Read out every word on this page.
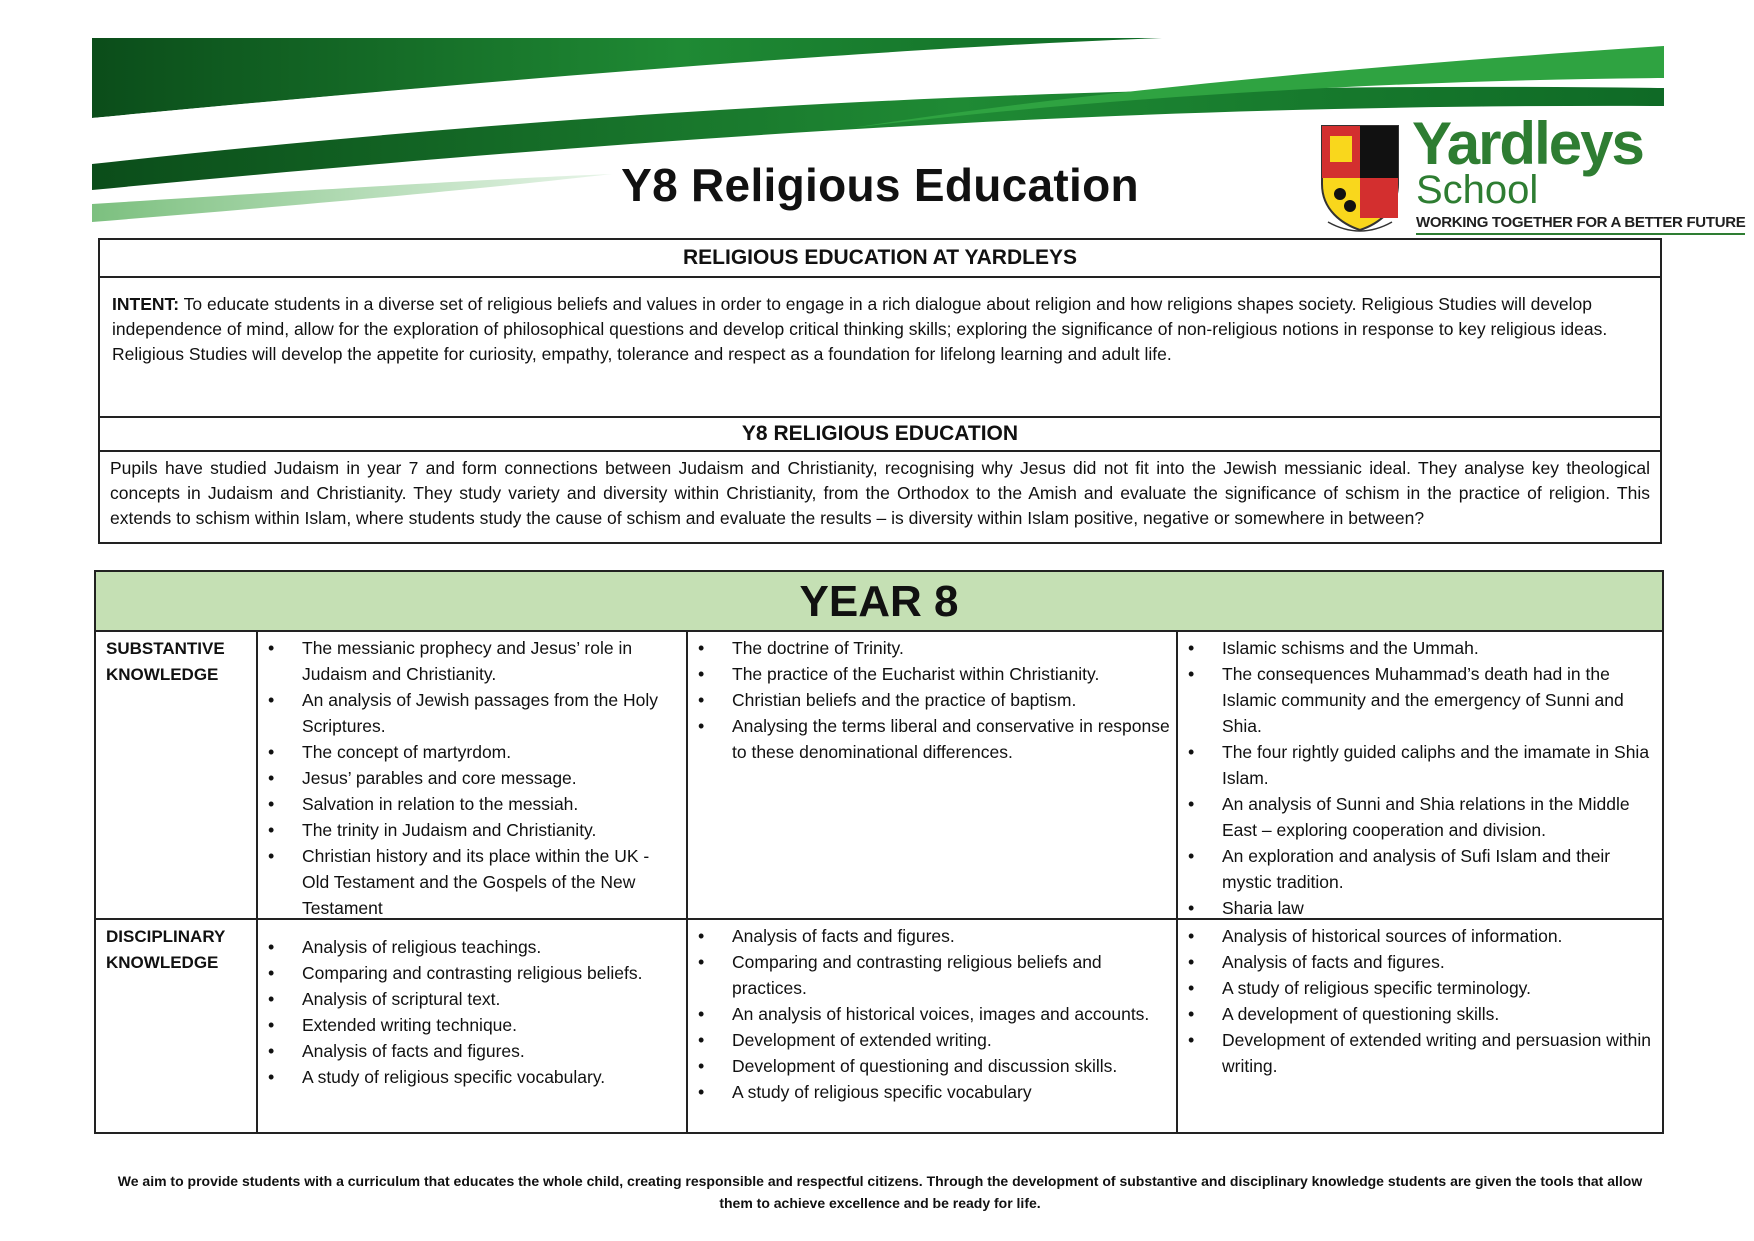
Y8 Religious Education
Yardleys
School
WORKING TOGETHER FOR A BETTER FUTURE
RELIGIOUS EDUCATION AT YARDLEYS
INTENT: To educate students in a diverse set of religious beliefs and values in order to engage in a rich dialogue about religion and how religions shapes society. Religious Studies will develop independence of mind, allow for the exploration of philosophical questions and develop critical thinking skills; exploring the significance of non-religious notions in response to key religious ideas. Religious Studies will develop the appetite for curiosity, empathy, tolerance and respect as a foundation for lifelong learning and adult life.
Y8 RELIGIOUS EDUCATION
Pupils have studied Judaism in year 7 and form connections between Judaism and Christianity, recognising why Jesus did not fit into the Jewish messianic ideal. They analyse key theological concepts in Judaism and Christianity. They study variety and diversity within Christianity, from the Orthodox to the Amish and evaluate the significance of schism in the practice of religion. This extends to schism within Islam, where students study the cause of schism and evaluate the results – is diversity within Islam positive, negative or somewhere in between?
YEAR 8
SUBSTANTIVE KNOWLEDGE
• The messianic prophecy and Jesus’ role in Judaism and Christianity.
• An analysis of Jewish passages from the Holy Scriptures.
• The concept of martyrdom.
• Jesus’ parables and core message.
• Salvation in relation to the messiah.
• The trinity in Judaism and Christianity.
• Christian history and its place within the UK - Old Testament and the Gospels of the New Testament
• The doctrine of Trinity.
• The practice of the Eucharist within Christianity.
• Christian beliefs and the practice of baptism.
• Analysing the terms liberal and conservative in response to these denominational differences.
• Islamic schisms and the Ummah.
• The consequences Muhammad’s death had in the Islamic community and the emergency of Sunni and Shia.
• The four rightly guided caliphs and the imamate in Shia Islam.
• An analysis of Sunni and Shia relations in the Middle East – exploring cooperation and division.
• An exploration and analysis of Sufi Islam and their mystic tradition.
• Sharia law
DISCIPLINARY KNOWLEDGE
• Analysis of religious teachings.
• Comparing and contrasting religious beliefs.
• Analysis of scriptural text.
• Extended writing technique.
• Analysis of facts and figures.
• A study of religious specific vocabulary.
• Analysis of facts and figures.
• Comparing and contrasting religious beliefs and practices.
• An analysis of historical voices, images and accounts.
• Development of extended writing.
• Development of questioning and discussion skills.
• A study of religious specific vocabulary
• Analysis of historical sources of information.
• Analysis of facts and figures.
• A study of religious specific terminology.
• A development of questioning skills.
• Development of extended writing and persuasion within writing.
We aim to provide students with a curriculum that educates the whole child, creating responsible and respectful citizens. Through the development of substantive and disciplinary knowledge students are given the tools that allow them to achieve excellence and be ready for life.
